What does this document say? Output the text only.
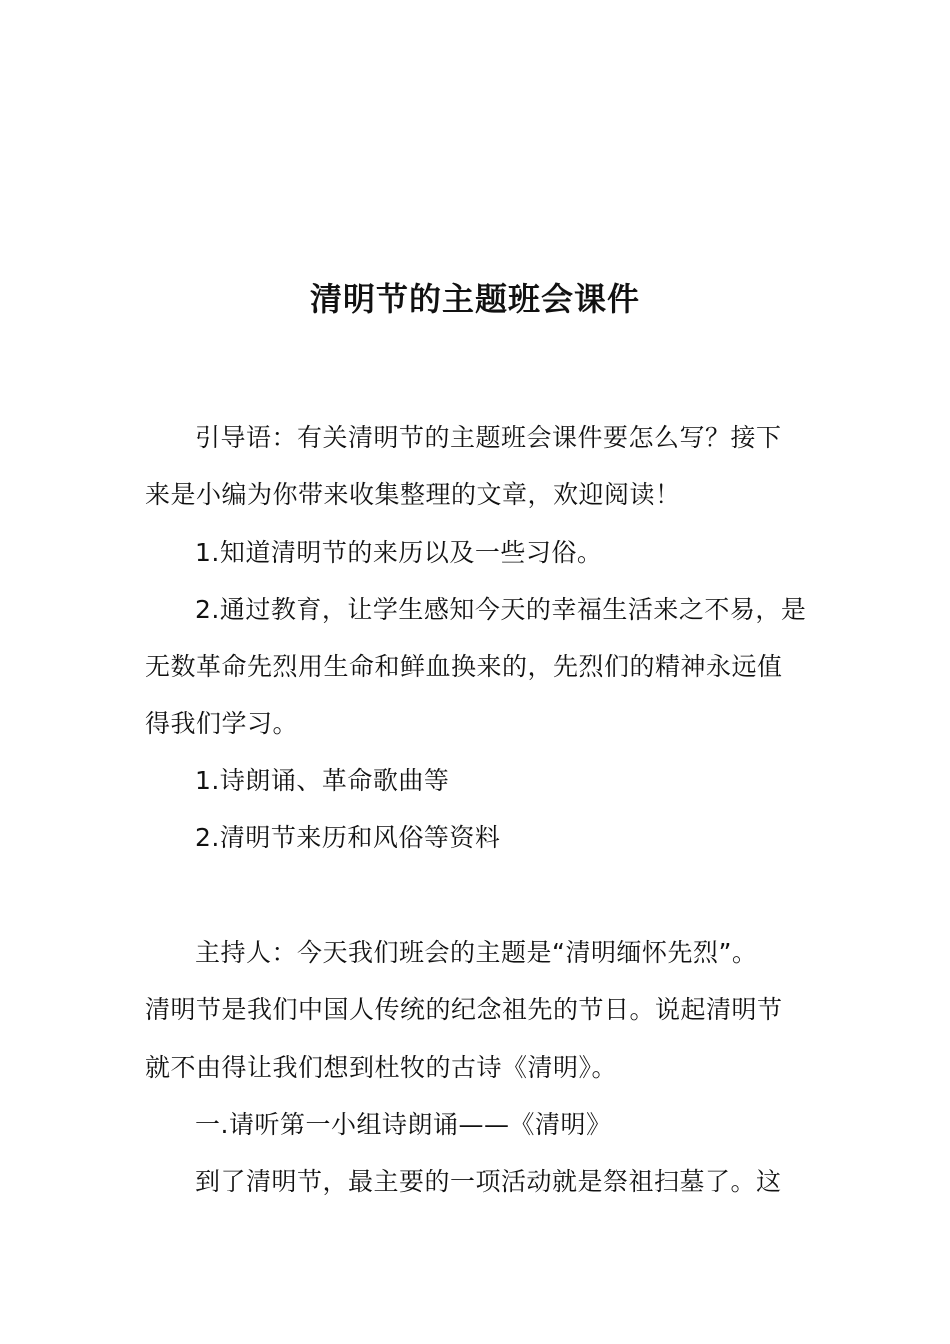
清明节的主题班会课件
引导语：有关清明节的主题班会课件要怎么写？接下
来是小编为你带来收集整理的文章，欢迎阅读！
1.知道清明节的来历以及一些习俗。
2.通过教育，让学生感知今天的幸福生活来之不易，是
无数革命先烈用生命和鲜血换来的，先烈们的精神永远值
得我们学习。
1.诗朗诵、革命歌曲等
2.清明节来历和风俗等资料
主持人：今天我们班会的主题是“清明缅怀先烈”。
清明节是我们中国人传统的纪念祖先的节日。说起清明节
就不由得让我们想到杜牧的古诗《清明》。
一.请听第一小组诗朗诵——《清明》
到了清明节，最主要的一项活动就是祭祖扫墓了。这
